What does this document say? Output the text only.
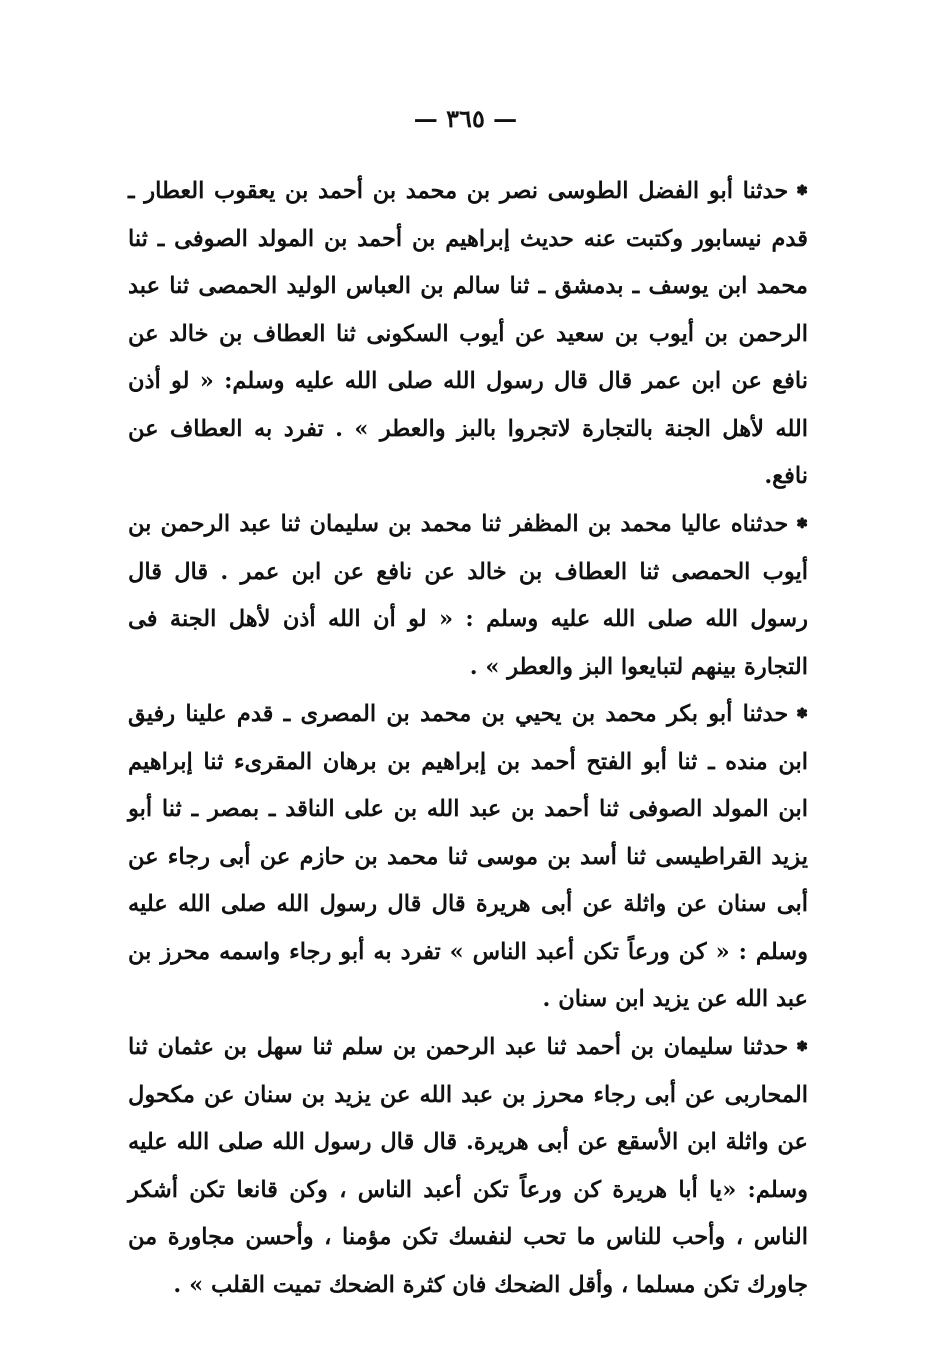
— ٣٦٥ —

✽حدثنا أبو الفضل الطوسى نصر بن محمد بن أحمد بن يعقوب العطار ـ قدم نيسابور وكتبت عنه حديث إبراهيم بن أحمد بن المولد الصوفى ـ ثنا محمد ابن يوسف ـ بدمشق ـ ثنا سالم بن العباس الوليد الحمصى ثنا عبد الرحمن بن أيوب بن سعيد عن أيوب السكونى ثنا العطاف بن خالد عن نافع عن ابن عمر قال قال رسول الله صلى الله عليه وسلم: « لو أذن الله لأهل الجنة بالتجارة لاتجروا بالبز والعطر » . تفرد به العطاف عن نافع.

✽حدثناه عاليا محمد بن المظفر ثنا محمد بن سليمان ثنا عبد الرحمن بن أيوب الحمصى ثنا العطاف بن خالد عن نافع عن ابن عمر . قال قال رسول الله صلى الله عليه وسلم : « لو أن الله أذن لأهل الجنة فى التجارة بينهم لتبايعوا البز والعطر » .

✽حدثنا أبو بكر محمد بن يحيي بن محمد بن المصرى ـ قدم علينا رفيق ابن منده ـ ثنا أبو الفتح أحمد بن إبراهيم بن برهان المقرىء ثنا إبراهيم ابن المولد الصوفى ثنا أحمد بن عبد الله بن على الناقد ـ بمصر ـ ثنا أبو يزيد القراطيسى ثنا أسد بن موسى ثنا محمد بن حازم عن أبى رجاء عن أبى سنان عن واثلة عن أبى هريرة قال قال رسول الله صلى الله عليه وسلم : « كن ورعاً تكن أعبد الناس » تفرد به أبو رجاء واسمه محرز بن عبد الله عن يزيد ابن سنان .

✽حدثنا سليمان بن أحمد ثنا عبد الرحمن بن سلم ثنا سهل بن عثمان ثنا المحاربى عن أبى رجاء محرز بن عبد الله عن يزيد بن سنان عن مكحول عن واثلة ابن الأسقع عن أبى هريرة. قال قال رسول الله صلى الله عليه وسلم: «يا أبا هريرة كن ورعاً تكن أعبد الناس ، وكن قانعا تكن أشكر الناس ، وأحب للناس ما تحب لنفسك تكن مؤمنا ، وأحسن مجاورة من جاورك تكن مسلما ، وأقل الضحك فان كثرة الضحك تميت القلب » .
